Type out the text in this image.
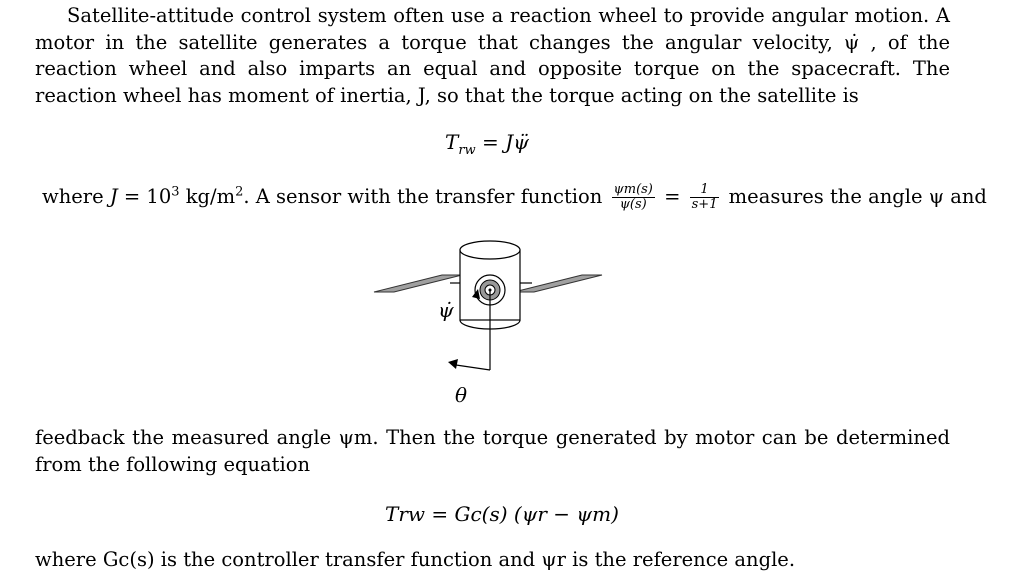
Satellite-attitude control system often use a reaction wheel to provide angular motion. A motor in the satellite generates a torque that changes the angular velocity, ψ̇ , of the reaction wheel and also imparts an equal and opposite torque on the spacecraft. The reaction wheel has moment of inertia, J, so that the torque acting on the satellite is

$T_{rw}$ = Jψ̈
where $J = 10^3$ $kg/m^2$. A sensor with the transfer function $\frac{\psi m(s)}{\psi(s)} = \frac{1}{s+1}$ measures the angle ψ and
ψ̇
θ

feedback the measured angle ψm. Then the torque generated by motor can be determined from the following equation

Trw = Gc(s) (ψr − ψm)
where Gc(s) is the controller transfer function and ψr is the reference angle.
